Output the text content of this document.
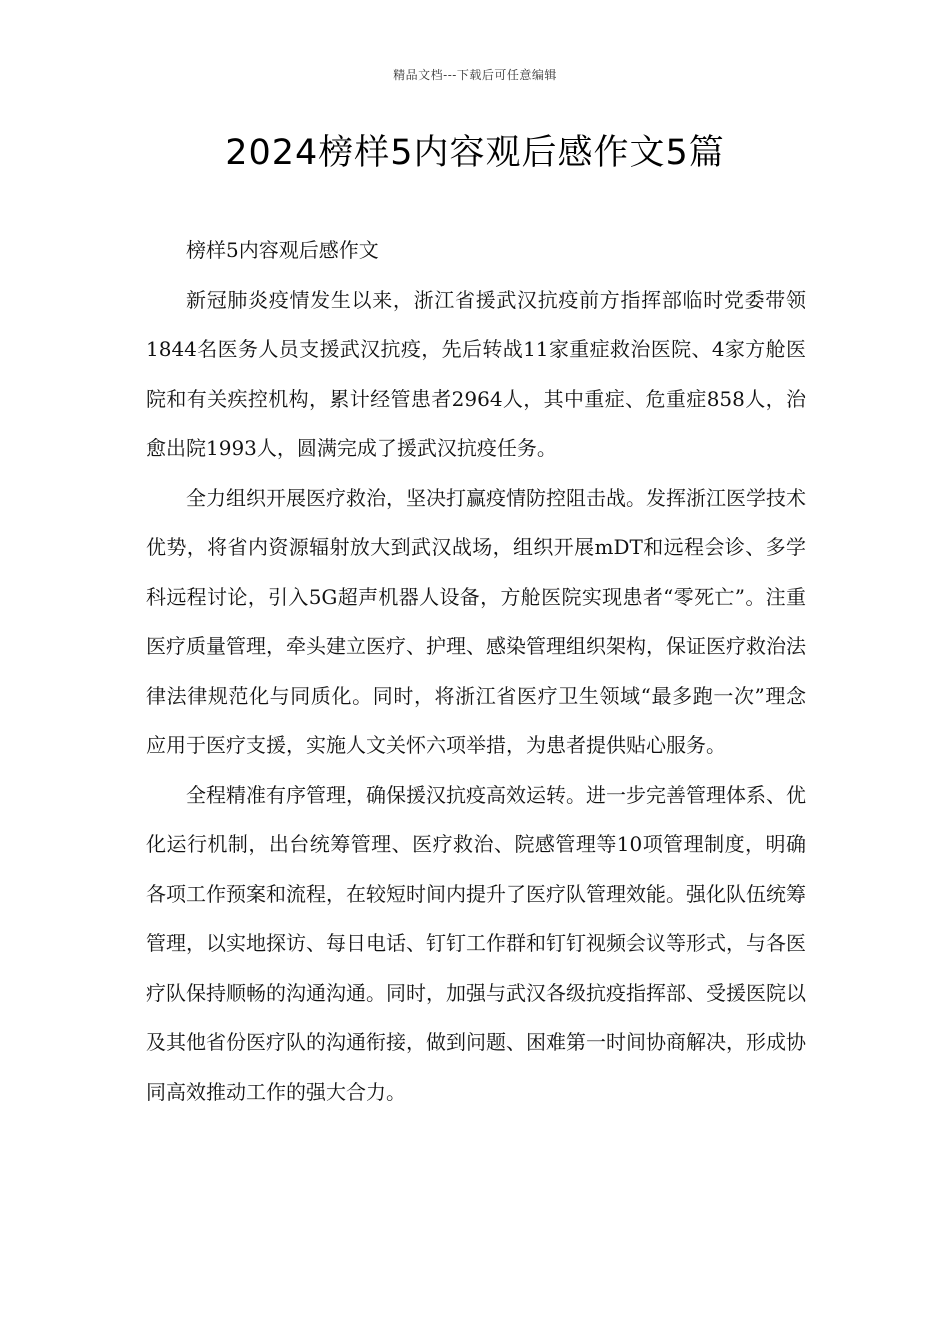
精品文档---下载后可任意编辑
2024榜样5内容观后感作文5篇

榜样5内容观后感作文

新冠肺炎疫情发生以来，浙江省援武汉抗疫前方指挥部临时党委带领1844名医务人员支援武汉抗疫，先后转战11家重症救治医院、4家方舱医院和有关疾控机构，累计经管患者2964人，其中重症、危重症858人，治愈出院1993人，圆满完成了援武汉抗疫任务。

全力组织开展医疗救治，坚决打赢疫情防控阻击战。发挥浙江医学技术优势，将省内资源辐射放大到武汉战场，组织开展mDT和远程会诊、多学科远程讨论，引入5G超声机器人设备，方舱医院实现患者“零死亡”。注重医疗质量管理，牵头建立医疗、护理、感染管理组织架构，保证医疗救治法律法律规范化与同质化。同时，将浙江省医疗卫生领域“最多跑一次”理念应用于医疗支援，实施人文关怀六项举措，为患者提供贴心服务。

全程精准有序管理，确保援汉抗疫高效运转。进一步完善管理体系、优化运行机制，出台统筹管理、医疗救治、院感管理等10项管理制度，明确各项工作预案和流程，在较短时间内提升了医疗队管理效能。强化队伍统筹管理，以实地探访、每日电话、钉钉工作群和钉钉视频会议等形式，与各医疗队保持顺畅的沟通沟通。同时，加强与武汉各级抗疫指挥部、受援医院以及其他省份医疗队的沟通衔接，做到问题、困难第一时间协商解决，形成协同高效推动工作的强大合力。
